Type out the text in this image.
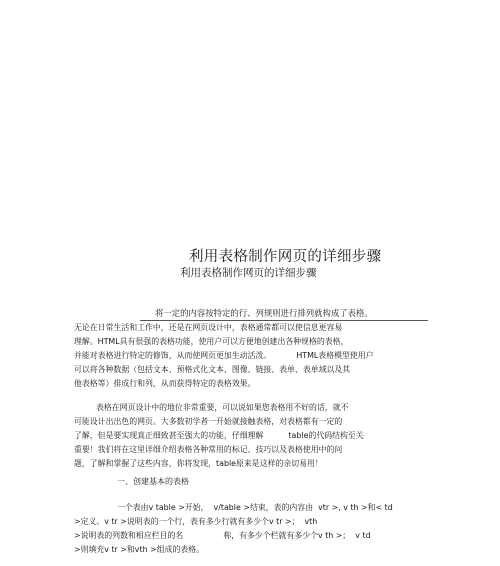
利用表格制作网页的详细步骤
利用表格制作网页的详细步骤
将一定的内容按特定的行、列规则进行排列就构成了表格。
无论在日常生活和工作中，还是在网页设计中，表格通常都可以使信息更容易
理解。HTML具有很强的表格功能，使用户可以方便地创建出各种规格的表格，
并能对表格进行特定的修饰，从而使网页更加生动活泼。          HTML表格模型使用户
可以将各种数据（包括文本、预格式化文本、图像、链接、表单、表单域以及其
他表格等）排成行和列，从而获得特定的表格效果。
表格在网页设计中的地位非常重要，可以说如果您表格用不好的话，就不
可能设计出出色的网页。大多数初学者一开始就接触表格，对表格都有一定的
了解，但是要实现真正细致甚至强大的功能，仔细理解          table的代码结构至关
重要！我们将在这里详细介绍表格各种常用的标记、技巧以及表格使用中的问
题，了解和掌握了这些内容，你将发现，table原来是这样的亲切易用！
一、创建基本的表格
一个表由v table >开始，  v/table >结束，表的内容由  vtr >, v th >和< td
>定义。v tr >说明表的一个行，表有多少行就有多少个v tr >；  vth
>说明表的列数和相应栏目的名                称，有多少个栏就有多少个v th >；  v td
>则填充v tr >和vth >组成的表格。
